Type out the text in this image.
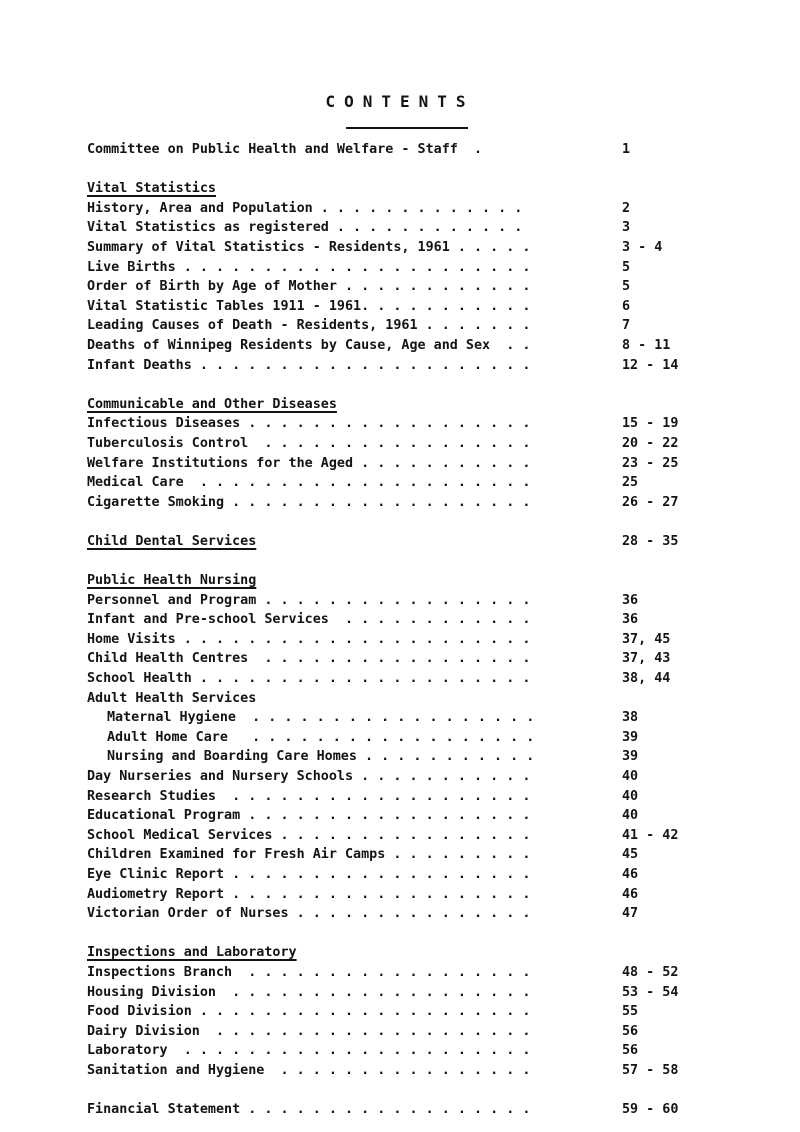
CONTENTS
Committee on Public Health and Welfare - Staff  .	1
Vital Statistics
History, Area and Population . . . . . . . . . . . . .	2
Vital Statistics as registered . . . . . . . . . . . .	3
Summary of Vital Statistics - Residents, 1961 . . . . .	3 - 4
Live Births . . . . . . . . . . . . . . . . . . . . . .	5
Order of Birth by Age of Mother . . . . . . . . . . . .	5
Vital Statistic Tables 1911 - 1961. . . . . . . . . . .	6
Leading Causes of Death - Residents, 1961 . . . . . . .	7
Deaths of Winnipeg Residents by Cause, Age and Sex  . .	8 - 11
Infant Deaths . . . . . . . . . . . . . . . . . . . . .	12 - 14
Communicable and Other Diseases
Infectious Diseases . . . . . . . . . . . . . . . . . .	15 - 19
Tuberculosis Control  . . . . . . . . . . . . . . . . .	20 - 22
Welfare Institutions for the Aged . . . . . . . . . . .	23 - 25
Medical Care  . . . . . . . . . . . . . . . . . . . . .	25
Cigarette Smoking . . . . . . . . . . . . . . . . . . .	26 - 27
Child Dental Services	28 - 35
Public Health Nursing
Personnel and Program . . . . . . . . . . . . . . . . .	36
Infant and Pre-school Services  . . . . . . . . . . . .	36
Home Visits . . . . . . . . . . . . . . . . . . . . . .	37, 45
Child Health Centres  . . . . . . . . . . . . . . . . .	37, 43
School Health . . . . . . . . . . . . . . . . . . . . .	38, 44
Adult Health Services
Maternal Hygiene  . . . . . . . . . . . . . . . . . .	38
Adult Home Care   . . . . . . . . . . . . . . . . . .	39
Nursing and Boarding Care Homes . . . . . . . . . . .	39
Day Nurseries and Nursery Schools . . . . . . . . . . .	40
Research Studies  . . . . . . . . . . . . . . . . . . .	40
Educational Program . . . . . . . . . . . . . . . . . .	40
School Medical Services . . . . . . . . . . . . . . . .	41 - 42
Children Examined for Fresh Air Camps . . . . . . . . .	45
Eye Clinic Report . . . . . . . . . . . . . . . . . . .	46
Audiometry Report . . . . . . . . . . . . . . . . . . .	46
Victorian Order of Nurses . . . . . . . . . . . . . . .	47
Inspections and Laboratory
Inspections Branch  . . . . . . . . . . . . . . . . . .	48 - 52
Housing Division  . . . . . . . . . . . . . . . . . . .	53 - 54
Food Division . . . . . . . . . . . . . . . . . . . . .	55
Dairy Division  . . . . . . . . . . . . . . . . . . . .	56
Laboratory  . . . . . . . . . . . . . . . . . . . . . .	56
Sanitation and Hygiene  . . . . . . . . . . . . . . . .	57 - 58
Financial Statement . . . . . . . . . . . . . . . . . .	59 - 60
